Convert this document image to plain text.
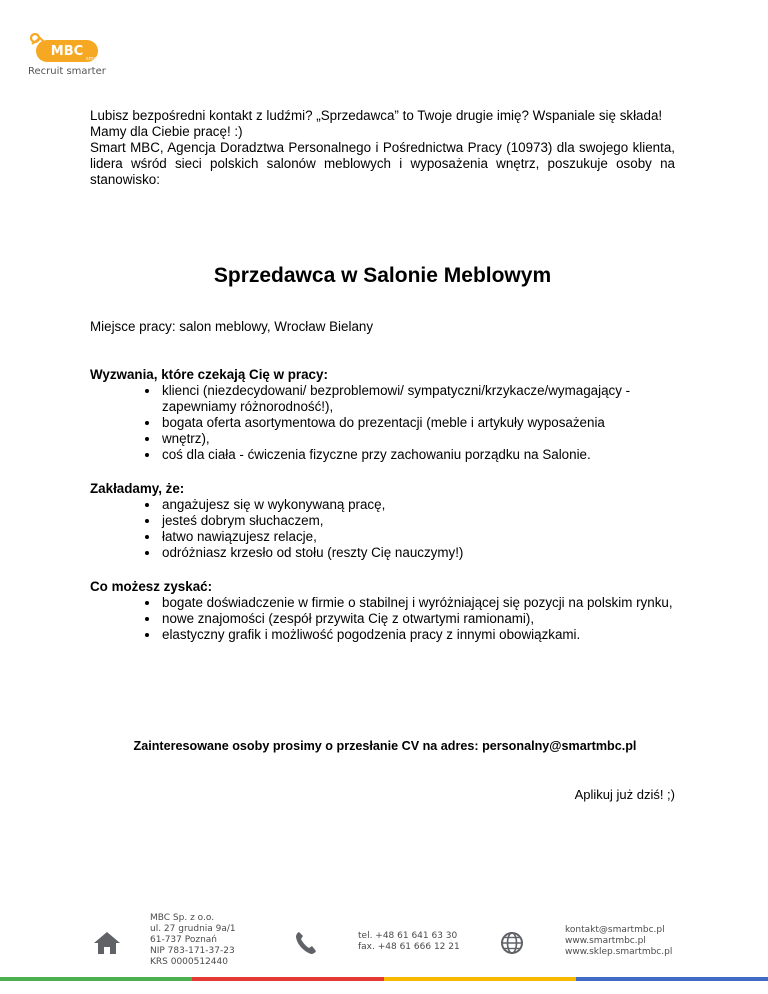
MBC smart
Recruit smarter

Lubisz bezpośredni kontakt z ludźmi? „Sprzedawca” to Twoje drugie imię? Wspaniale się składa! Mamy dla Ciebie pracę! :)

Smart MBC, Agencja Doradztwa Personalnego i Pośrednictwa Pracy (10973) dla swojego klienta, lidera wśród sieci polskich salonów meblowych i wyposażenia wnętrz, poszukuje osoby na stanowisko:

Sprzedawca w Salonie Meblowym
Miejsce pracy: salon meblowy, Wrocław Bielany
Wyzwania, które czekają Cię w pracy:
klienci (niezdecydowani/ bezproblemowi/ sympatyczni/krzykacze/wymagający - zapewniamy różnorodność!),
bogata oferta asortymentowa do prezentacji (meble i artykuły wyposażenia
wnętrz),
coś dla ciała - ćwiczenia fizyczne przy zachowaniu porządku na Salonie.
Zakładamy, że:
angażujesz się w wykonywaną pracę,
jesteś dobrym słuchaczem,
łatwo nawiązujesz relacje,
odróżniasz krzesło od stołu (reszty Cię nauczymy!)
Co możesz zyskać:
bogate doświadczenie w firmie o stabilnej i wyróżniającej się pozycji na polskim rynku,
nowe znajomości (zespół przywita Cię z otwartymi ramionami),
elastyczny grafik i możliwość pogodzenia pracy z innymi obowiązkami.
Zainteresowane osoby prosimy o przesłanie CV na adres: personalny@smartmbc.pl
Aplikuj już dziś! ;)
MBC Sp. z o.o.
ul. 27 grudnia 9a/1
61-737 Poznań
NIP 783-171-37-23
KRS 0000512440
tel. +48 61 641 63 30
fax. +48 61 666 12 21
kontakt@smartmbc.pl
www.smartmbc.pl
www.sklep.smartmbc.pl
